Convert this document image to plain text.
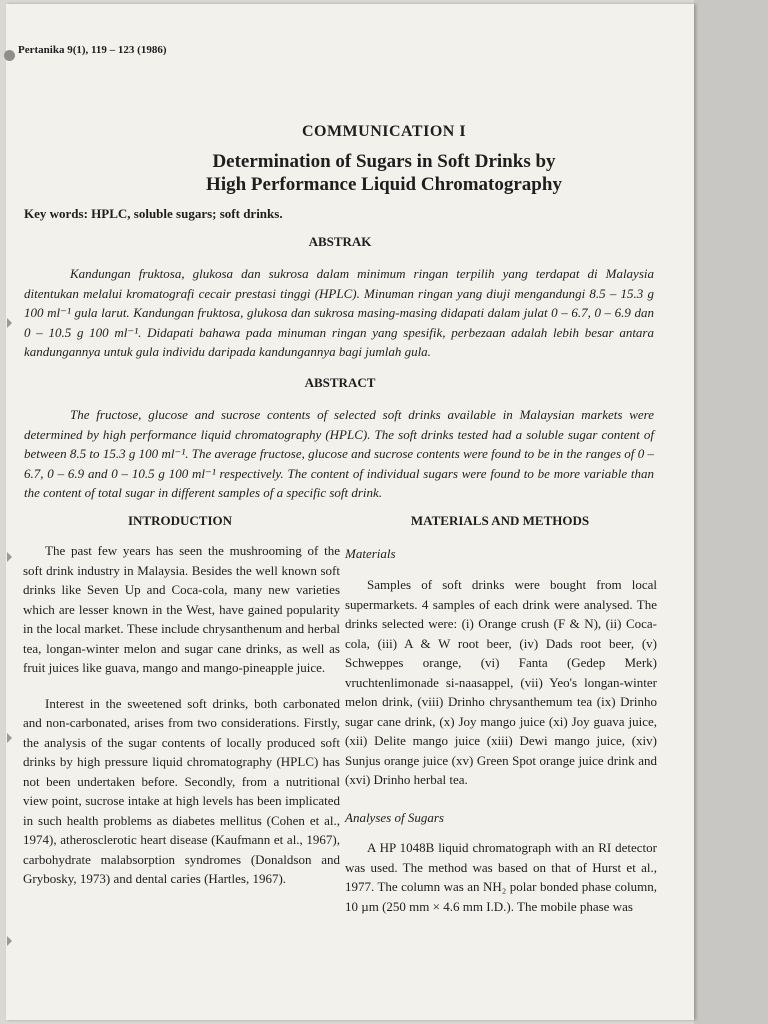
Pertanika 9(1), 119 – 123 (1986)
COMMUNICATION I
Determination of Sugars in Soft Drinks by
High Performance Liquid Chromatography
Key words: HPLC, soluble sugars; soft drinks.
ABSTRAK

Kandungan fruktosa, glukosa dan sukrosa dalam minimum ringan terpilih yang terdapat di Malaysia ditentukan melalui kromatografi cecair prestasi tinggi (HPLC). Minuman ringan yang diuji mengandungi 8.5 – 15.3 g 100 ml⁻¹ gula larut. Kandungan fruktosa, glukosa dan sukrosa masing-masing didapati dalam julat 0 – 6.7, 0 – 6.9 dan 0 – 10.5 g 100 ml⁻¹. Didapati bahawa pada minuman ringan yang spesifik, perbezaan adalah lebih besar antara kandungannya untuk gula individu daripada kandungannya bagi jumlah gula.

ABSTRACT

The fructose, glucose and sucrose contents of selected soft drinks available in Malaysian markets were determined by high performance liquid chromatography (HPLC). The soft drinks tested had a soluble sugar content of between 8.5 to 15.3 g 100 ml⁻¹. The average fructose, glucose and sucrose contents were found to be in the ranges of 0 – 6.7, 0 – 6.9 and 0 – 10.5 g 100 ml⁻¹ respectively. The content of individual sugars were found to be more variable than the content of total sugar in different samples of a specific soft drink.

INTRODUCTION

The past few years has seen the mushrooming of the soft drink industry in Malaysia. Besides the well known soft drinks like Seven Up and Coca-cola, many new varieties which are lesser known in the West, have gained popularity in the local market. These include chrysanthenum and herbal tea, longan-winter melon and sugar cane drinks, as well as fruit juices like guava, mango and mango-pineapple juice.

Interest in the sweetened soft drinks, both carbonated and non-carbonated, arises from two considerations. Firstly, the analysis of the sugar contents of locally produced soft drinks by high pressure liquid chromatography (HPLC) has not been undertaken before. Secondly, from a nutritional view point, sucrose intake at high levels has been implicated in such health problems as diabetes mellitus (Cohen et al., 1974), atherosclerotic heart disease (Kaufmann et al., 1967), carbohydrate malabsorption syndromes (Donaldson and Grybosky, 1973) and dental caries (Hartles, 1967).

MATERIALS AND METHODS
Materials

Samples of soft drinks were bought from local supermarkets. 4 samples of each drink were analysed. The drinks selected were: (i) Orange crush (F & N), (ii) Coca-cola, (iii) A & W root beer, (iv) Dads root beer, (v) Schweppes orange, (vi) Fanta (Gedep Merk) vruchtenlimonade si-naasappel, (vii) Yeo's longan-winter melon drink, (viii) Drinho chrysanthemum tea (ix) Drinho sugar cane drink, (x) Joy mango juice (xi) Joy guava juice, (xii) Delite mango juice (xiii) Dewi mango juice, (xiv) Sunjus orange juice (xv) Green Spot orange juice drink and (xvi) Drinho herbal tea.

Analyses of Sugars

A HP 1048B liquid chromatograph with an RI detector was used. The method was based on that of Hurst et al., 1977. The column was an NH₂ polar bonded phase column, 10 µm (250 mm × 4.6 mm I.D.). The mobile phase was
